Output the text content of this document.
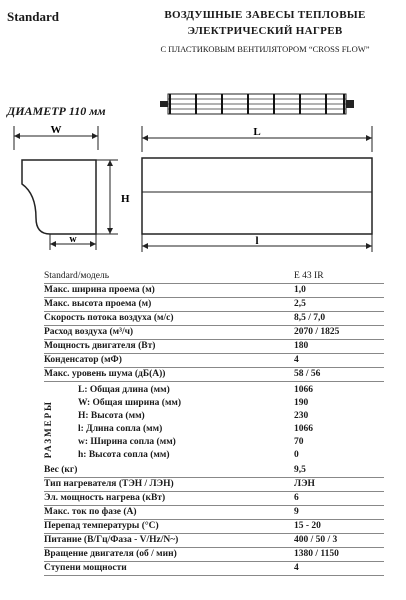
Standard	ВОЗДУШНЫЕ ЗАВЕСЫ ТЕПЛОВЫЕ
ЭЛЕКТРИЧЕСКИЙ НАГРЕВ
С ПЛАСТИКОВЫМ ВЕНТИЛЯТОРОМ “CROSS FLOW”
ДИАМЕТР 110 мм
W
H
w
L
l
Standard/модель	E 43 IR
Макс. ширина проема (м)	1,0
Макс. высота проема (м)	2,5
Скорость потока воздуха (м/с)	8,5 / 7,0
Расход воздуха (м³/ч)	2070 / 1825
Мощность двигателя (Вт)	180
Конденсатор (мФ)	4
Макс. уровень шума (дБ(А))	58 / 56
L: Общая длина (мм)	1066
W: Общая ширина (мм)	190
H: Высота (мм)	230
l: Длина сопла (мм)	1066
w: Ширина сопла (мм)	70
h: Высота сопла (мм)	0
Вес (кг)	9,5
Тип нагревателя (ТЭН / ЛЭН)	ЛЭН
Эл. мощность нагрева (кВт)	6
Макс. ток по фазе (А)	9
Перепад температуры (°С)	15 - 20
Питание (В/Гц/Фаза - V/Hz/N~)	400 / 50 / 3
Вращение двигателя (об / мин)	1380 / 1150
Ступени мощности	4
РАЗМЕРЫ
